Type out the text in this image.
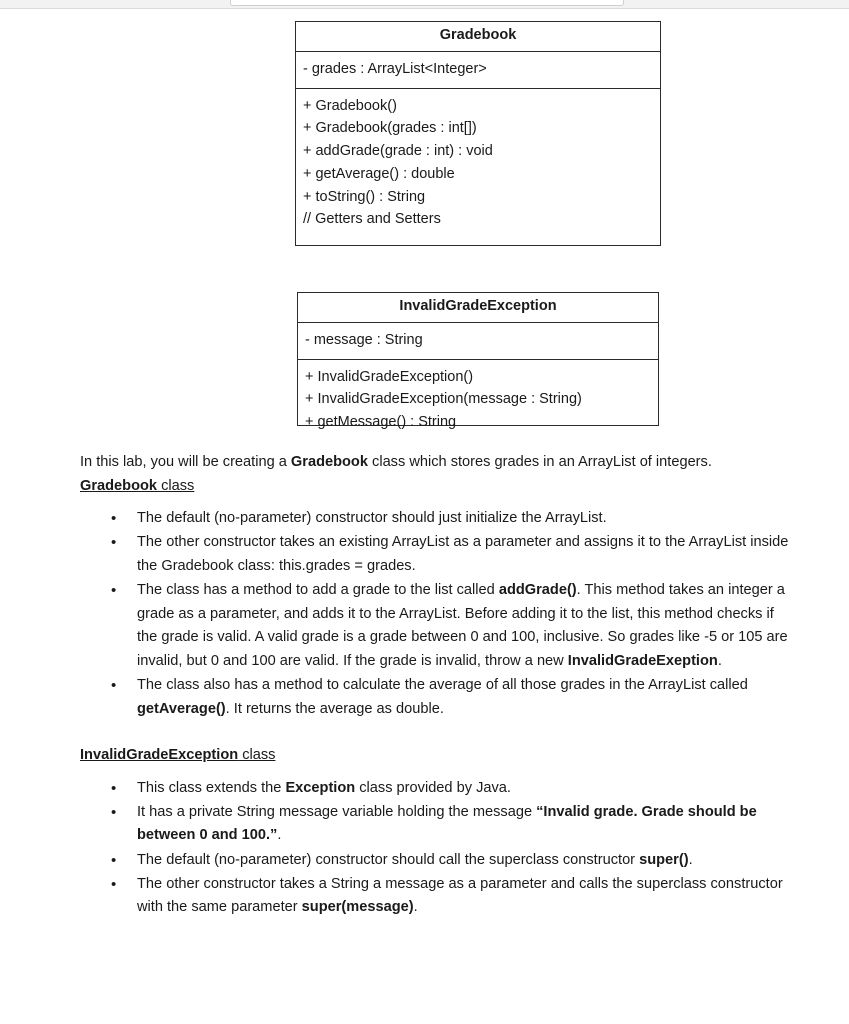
Gradebook
- grades : ArrayList<Integer>
+ Gradebook()
+ Gradebook(grades : int[])
+ addGrade(grade : int) : void
+ getAverage() : double
+ toString() : String
// Getters and Setters
InvalidGradeException
- message : String
+ InvalidGradeException()
+ InvalidGradeException(message : String)
+ getMessage() : String

In this lab, you will be creating a Gradebook class which stores grades in an ArrayList of integers.

Gradebook class
• The default (no-parameter) constructor should just initialize the ArrayList.
• The other constructor takes an existing ArrayList as a parameter and assigns it to the ArrayList inside the Gradebook class: this.grades = grades.
• The class has a method to add a grade to the list called addGrade(). This method takes an integer a grade as a parameter, and adds it to the ArrayList. Before adding it to the list, this method checks if the grade is valid. A valid grade is a grade between 0 and 100, inclusive. So grades like -5 or 105 are invalid, but 0 and 100 are valid. If the grade is invalid, throw a new InvalidGradeExeption.
• The class also has a method to calculate the average of all those grades in the ArrayList called getAverage(). It returns the average as double.
InvalidGradeException class
• This class extends the Exception class provided by Java.
• It has a private String message variable holding the message “Invalid grade. Grade should be between 0 and 100.”.
• The default (no-parameter) constructor should call the superclass constructor super().
• The other constructor takes a String a message as a parameter and calls the superclass constructor with the same parameter super(message).
